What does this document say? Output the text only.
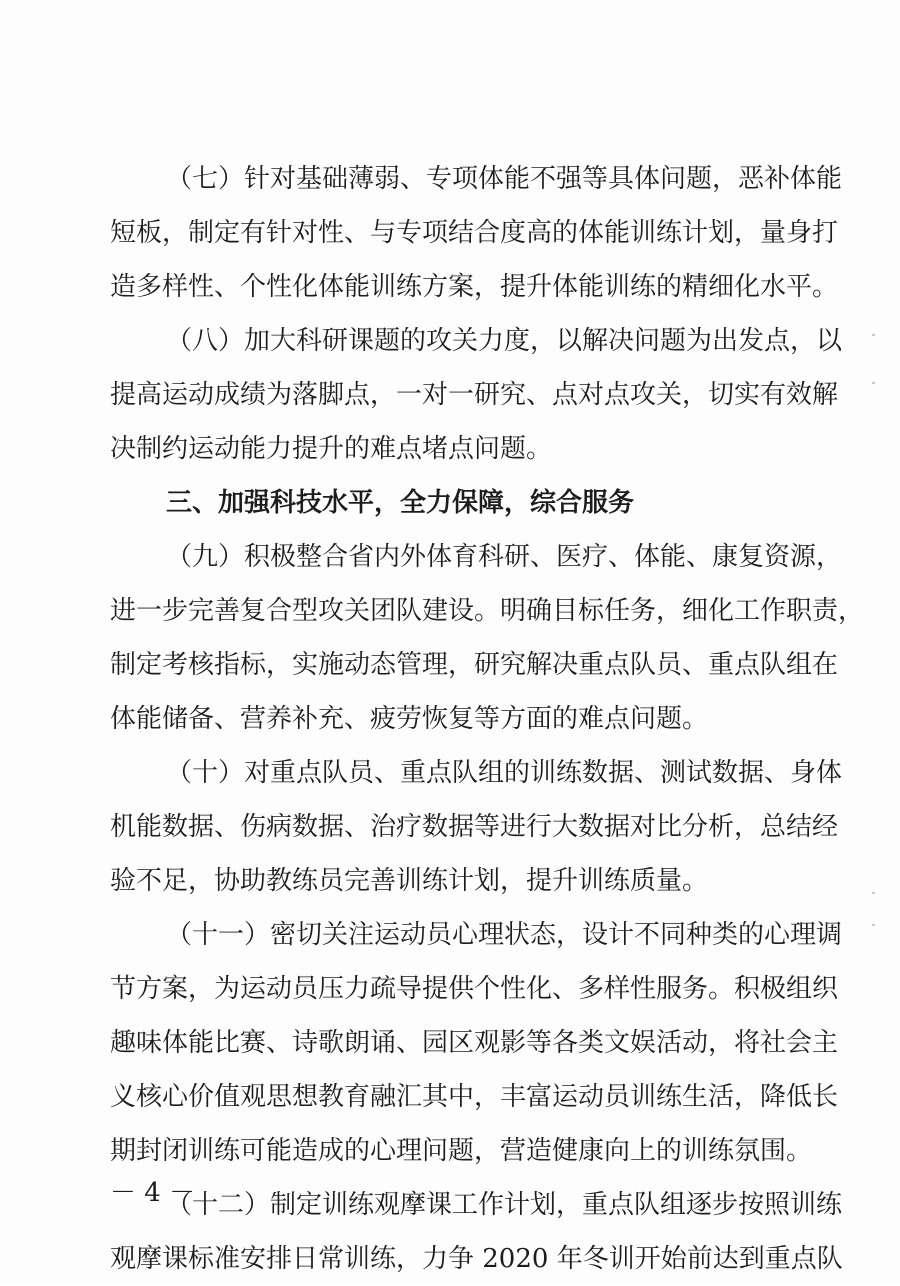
（七）针对基础薄弱、专项体能不强等具体问题，恶补体能
短板，制定有针对性、与专项结合度高的体能训练计划，量身打
造多样性、个性化体能训练方案，提升体能训练的精细化水平。
（八）加大科研课题的攻关力度，以解决问题为出发点，以
提高运动成绩为落脚点，一对一研究、点对点攻关，切实有效解
决制约运动能力提升的难点堵点问题。
三、加强科技水平，全力保障，综合服务
（九）积极整合省内外体育科研、医疗、体能、康复资源，
进一步完善复合型攻关团队建设。明确目标任务，细化工作职责，
制定考核指标，实施动态管理，研究解决重点队员、重点队组在
体能储备、营养补充、疲劳恢复等方面的难点问题。
（十）对重点队员、重点队组的训练数据、测试数据、身体
机能数据、伤病数据、治疗数据等进行大数据对比分析，总结经
验不足，协助教练员完善训练计划，提升训练质量。
（十一）密切关注运动员心理状态，设计不同种类的心理调
节方案，为运动员压力疏导提供个性化、多样性服务。积极组织
趣味体能比赛、诗歌朗诵、园区观影等各类文娱活动，将社会主
义核心价值观思想教育融汇其中，丰富运动员训练生活，降低长
期封闭训练可能造成的心理问题，营造健康向上的训练氛围。
（十二）制定训练观摩课工作计划，重点队组逐步按照训练
观摩课标准安排日常训练，力争 2020 年冬训开始前达到重点队
－ 4 －
